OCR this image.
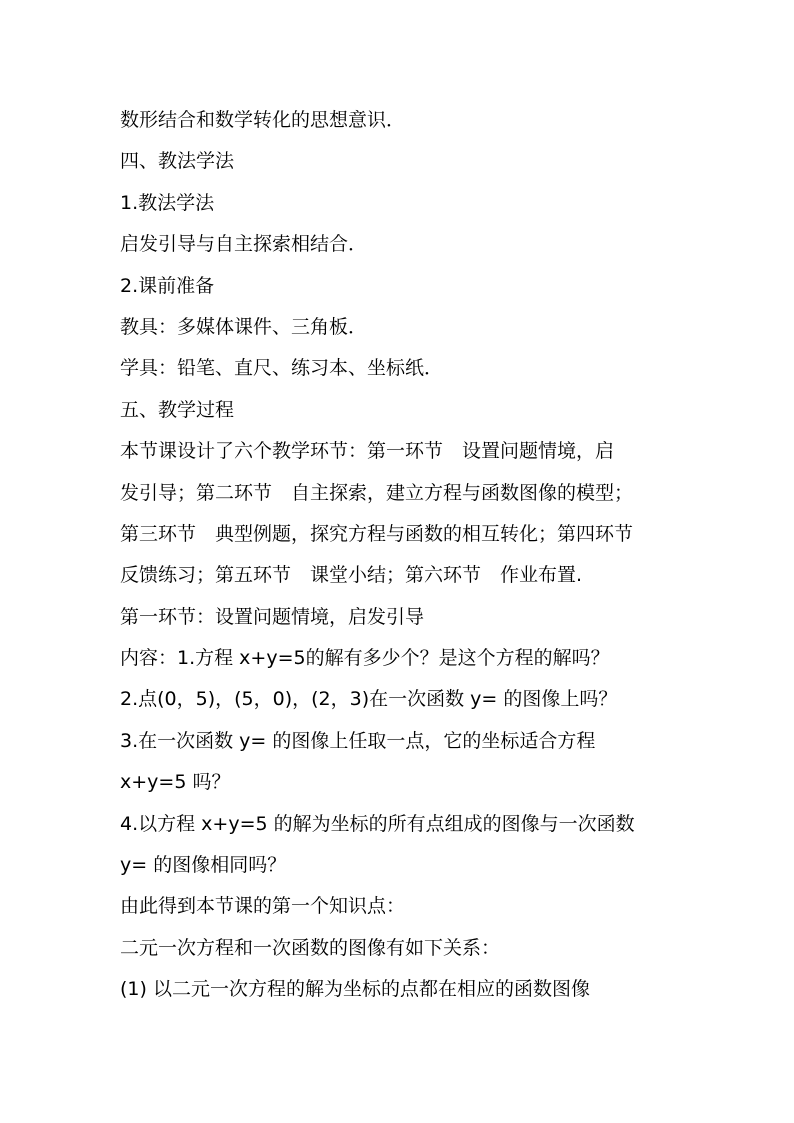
数形结合和数学转化的思想意识．
四、教法学法
1.教法学法
启发引导与自主探索相结合．
2.课前准备
教具：多媒体课件、三角板．
学具：铅笔、直尺、练习本、坐标纸．
五、教学过程
本节课设计了六个教学环节：第一环节　设置问题情境，启
发引导；第二环节　自主探索，建立方程与函数图像的模型；
第三环节　典型例题，探究方程与函数的相互转化；第四环节
反馈练习；第五环节　课堂小结；第六环节　作业布置.
第一环节：设置问题情境，启发引导
内容：1.方程 x+y=5的解有多少个？是这个方程的解吗？
2.点(0，5)，(5，0)，(2，3)在一次函数 y= 的图像上吗？
3.在一次函数 y= 的图像上任取一点，它的坐标适合方程
x+y=5 吗？
4.以方程 x+y=5 的解为坐标的所有点组成的图像与一次函数
y= 的图像相同吗？
由此得到本节课的第一个知识点：
二元一次方程和一次函数的图像有如下关系：
(1) 以二元一次方程的解为坐标的点都在相应的函数图像
